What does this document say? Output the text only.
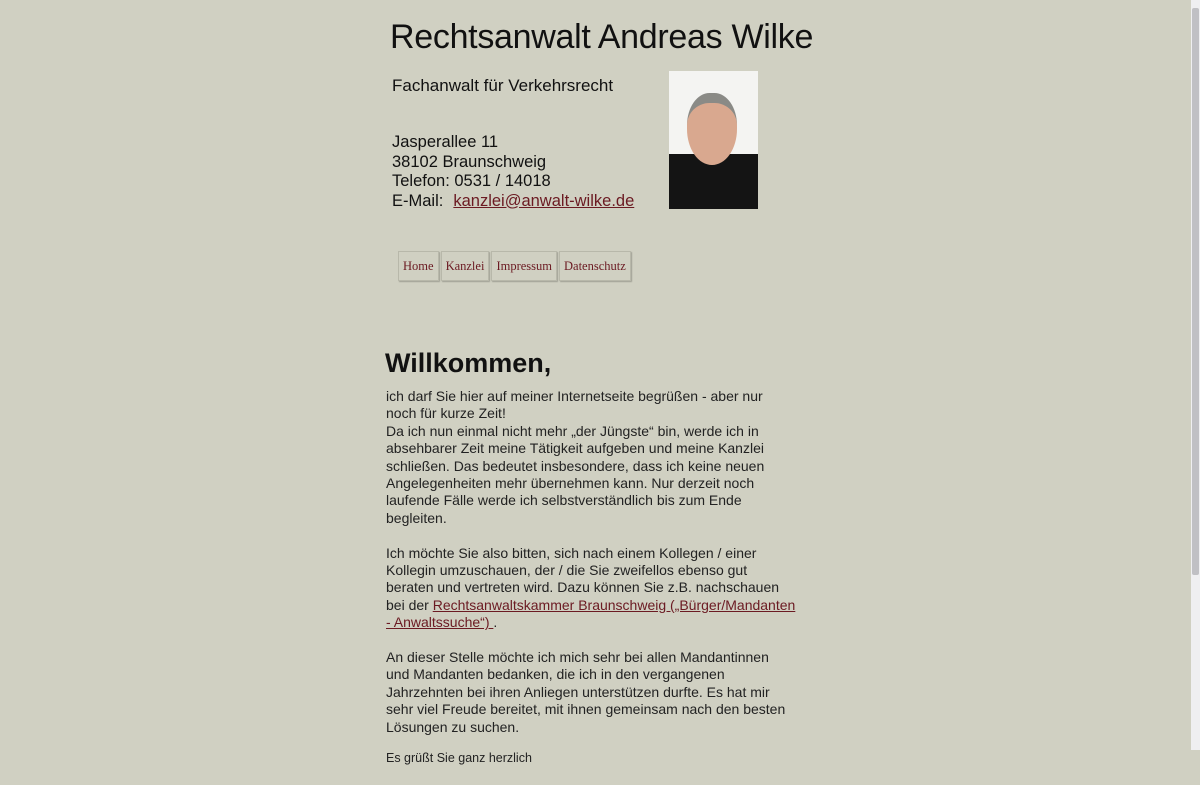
Rechtsanwalt Andreas Wilke
Fachanwalt für Verkehrsrecht
Jasperallee 11
38102 Braunschweig
Telefon: 0531 / 14018
E-Mail: kanzlei@anwalt-wilke.de
Home Kanzlei Impressum Datenschutz
Willkommen,

ich darf Sie hier auf meiner Internetseite begrüßen - aber nur noch für kurze Zeit!
Da ich nun einmal nicht mehr „der Jüngste“ bin, werde ich in absehbarer Zeit meine Tätigkeit aufgeben und meine Kanzlei schließen. Das bedeutet insbesondere, dass ich keine neuen Angelegenheiten mehr übernehmen kann. Nur derzeit noch laufende Fälle werde ich selbstverständlich bis zum Ende begleiten.

Ich möchte Sie also bitten, sich nach einem Kollegen / einer Kollegin umzuschauen, der / die Sie zweifellos ebenso gut beraten und vertreten wird. Dazu können Sie z.B. nachschauen bei der Rechtsanwaltskammer Braunschweig („Bürger/Mandanten - Anwaltssuche“) .

An dieser Stelle möchte ich mich sehr bei allen Mandantinnen und Mandanten bedanken, die ich in den vergangenen Jahrzehnten bei ihren Anliegen unterstützen durfte. Es hat mir sehr viel Freude bereitet, mit ihnen gemeinsam nach den besten Lösungen zu suchen.

Es grüßt Sie ganz herzlich
